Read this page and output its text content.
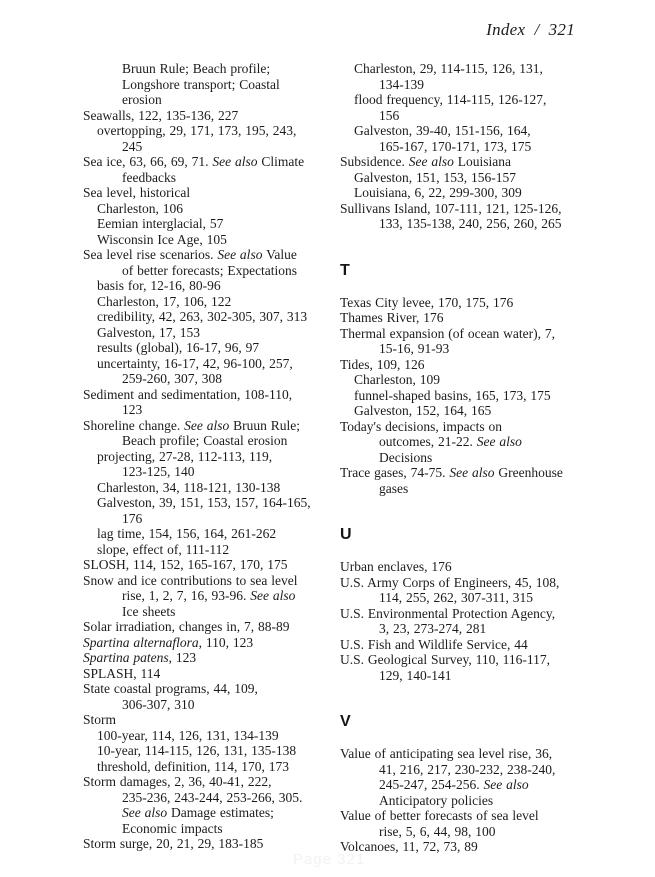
Index  /  321
Bruun Rule; Beach profile;
Longshore transport; Coastal
erosion
Seawalls, 122, 135-136, 227
overtopping, 29, 171, 173, 195, 243,
245
Sea ice, 63, 66, 69, 71. See also Climate
feedbacks
Sea level, historical
Charleston, 106
Eemian interglacial, 57
Wisconsin Ice Age, 105
Sea level rise scenarios. See also Value
of better forecasts; Expectations
basis for, 12-16, 80-96
Charleston, 17, 106, 122
credibility, 42, 263, 302-305, 307, 313
Galveston, 17, 153
results (global), 16-17, 96, 97
uncertainty, 16-17, 42, 96-100, 257,
259-260, 307, 308
Sediment and sedimentation, 108-110,
123
Shoreline change. See also Bruun Rule;
Beach profile; Coastal erosion
projecting, 27-28, 112-113, 119,
123-125, 140
Charleston, 34, 118-121, 130-138
Galveston, 39, 151, 153, 157, 164-165,
176
lag time, 154, 156, 164, 261-262
slope, effect of, 111-112
SLOSH, 114, 152, 165-167, 170, 175
Snow and ice contributions to sea level
rise, 1, 2, 7, 16, 93-96. See also
Ice sheets
Solar irradiation, changes in, 7, 88-89
Spartina alternaflora, 110, 123
Spartina patens, 123
SPLASH, 114
State coastal programs, 44, 109,
306-307, 310
Storm
100-year, 114, 126, 131, 134-139
10-year, 114-115, 126, 131, 135-138
threshold, definition, 114, 170, 173
Storm damages, 2, 36, 40-41, 222,
235-236, 243-244, 253-266, 305.
See also Damage estimates;
Economic impacts
Storm surge, 20, 21, 29, 183-185
Charleston, 29, 114-115, 126, 131,
134-139
flood frequency, 114-115, 126-127,
156
Galveston, 39-40, 151-156, 164,
165-167, 170-171, 173, 175
Subsidence. See also Louisiana
Galveston, 151, 153, 156-157
Louisiana, 6, 22, 299-300, 309
Sullivans Island, 107-111, 121, 125-126,
133, 135-138, 240, 256, 260, 265
T
Texas City levee, 170, 175, 176
Thames River, 176
Thermal expansion (of ocean water), 7,
15-16, 91-93
Tides, 109, 126
Charleston, 109
funnel-shaped basins, 165, 173, 175
Galveston, 152, 164, 165
Today's decisions, impacts on
outcomes, 21-22. See also
Decisions
Trace gases, 74-75. See also Greenhouse
gases
U
Urban enclaves, 176
U.S. Army Corps of Engineers, 45, 108,
114, 255, 262, 307-311, 315
U.S. Environmental Protection Agency,
3, 23, 273-274, 281
U.S. Fish and Wildlife Service, 44
U.S. Geological Survey, 110, 116-117,
129, 140-141
V
Value of anticipating sea level rise, 36,
41, 216, 217, 230-232, 238-240,
245-247, 254-256. See also
Anticipatory policies
Value of better forecasts of sea level
rise, 5, 6, 44, 98, 100
Volcanoes, 11, 72, 73, 89
Page 321
